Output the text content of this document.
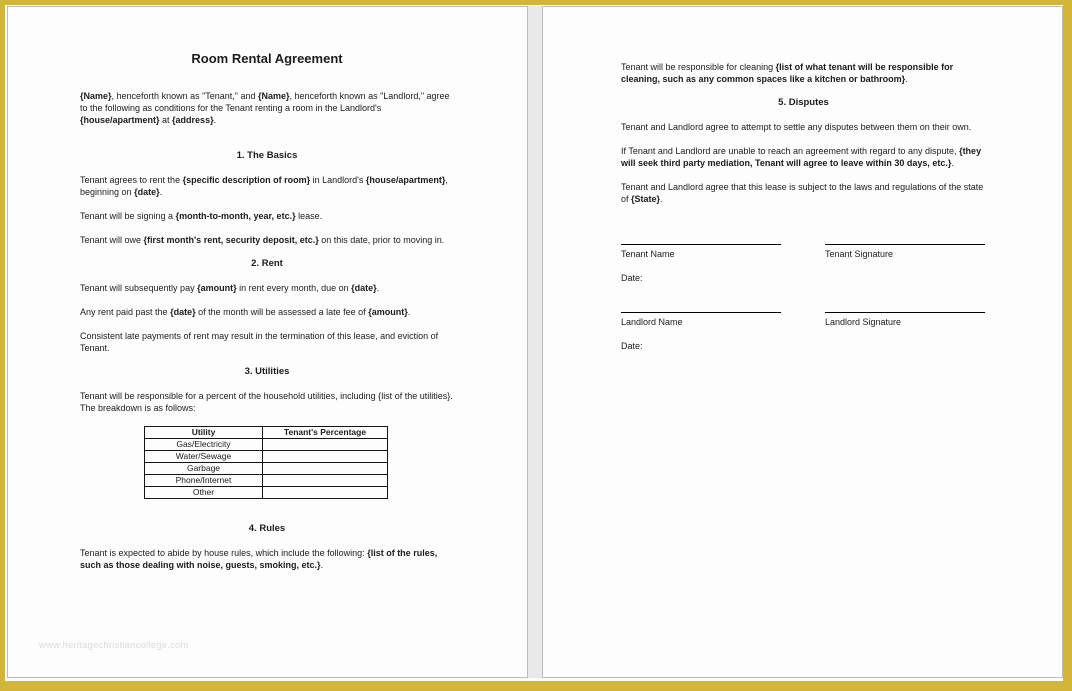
Room Rental Agreement

{Name}, henceforth known as "Tenant," and {Name}, henceforth known as "Landlord," agree to the following as conditions for the Tenant renting a room in the Landlord's {house/apartment} at {address}.

1. The Basics

Tenant agrees to rent the {specific description of room} in Landlord's {house/apartment}, beginning on {date}.

Tenant will be signing a {month-to-month, year, etc.} lease.

Tenant will owe {first month's rent, security deposit, etc.} on this date, prior to moving in.

2. Rent

Tenant will subsequently pay {amount} in rent every month, due on {date}.

Any rent paid past the {date} of the month will be assessed a late fee of {amount}.

Consistent late payments of rent may result in the termination of this lease, and eviction of Tenant.

3. Utilities

Tenant will be responsible for a percent of the household utilities, including {list of the utilities}. The breakdown is as follows:

Utility	Tenant's Percentage
Gas/Electricity	
Water/Sewage	
Garbage	
Phone/Internet	
Other	
4. Rules

Tenant is expected to abide by house rules, which include the following: {list of the rules, such as those dealing with noise, guests, smoking, etc.}.

www.heritagechristiancollege.com

Tenant will be responsible for cleaning {list of what tenant will be responsible for cleaning, such as any common spaces like a kitchen or bathroom}.

5. Disputes

Tenant and Landlord agree to attempt to settle any disputes between them on their own.

If Tenant and Landlord are unable to reach an agreement with regard to any dispute, {they will seek third party mediation, Tenant will agree to leave within 30 days, etc.}.

Tenant and Landlord agree that this lease is subject to the laws and regulations of the state of {State}.

Tenant Name
Date:
Tenant Signature
Landlord Name
Date:
Landlord Signature
